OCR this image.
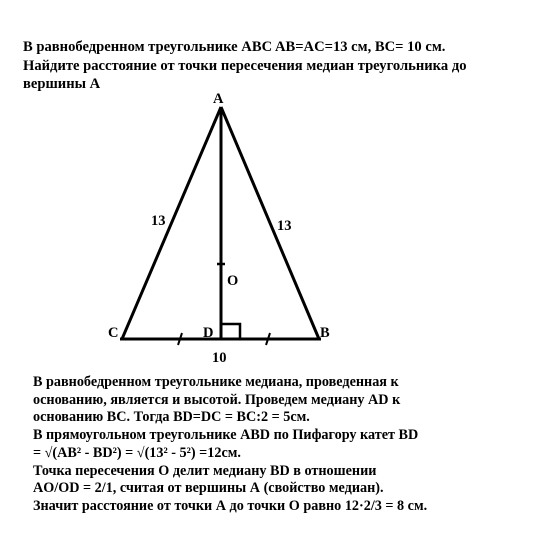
В равнобедренном треугольнике ABC AB=AC=13 см, BC= 10 см.
Найдите расстояние от точки пересечения медиан треугольника до
вершины А
A
C	B
D
O
13	13
10
В равнобедренном треугольнике медиана, проведенная к
основанию, является и высотой. Проведем медиану AD к
основанию BC. Тогда BD=DC = BC:2 = 5см.
В прямоугольном треугольнике ABD по Пифагору катет BD
= √(AB² - BD²) = √(13² - 5²) =12см.
Точка пересечения О делит медиану BD в отношении
AO/OD = 2/1, считая от вершины А (свойство медиан).
Значит расстояние от точки А до точки О равно 12·2/3 = 8 см.
